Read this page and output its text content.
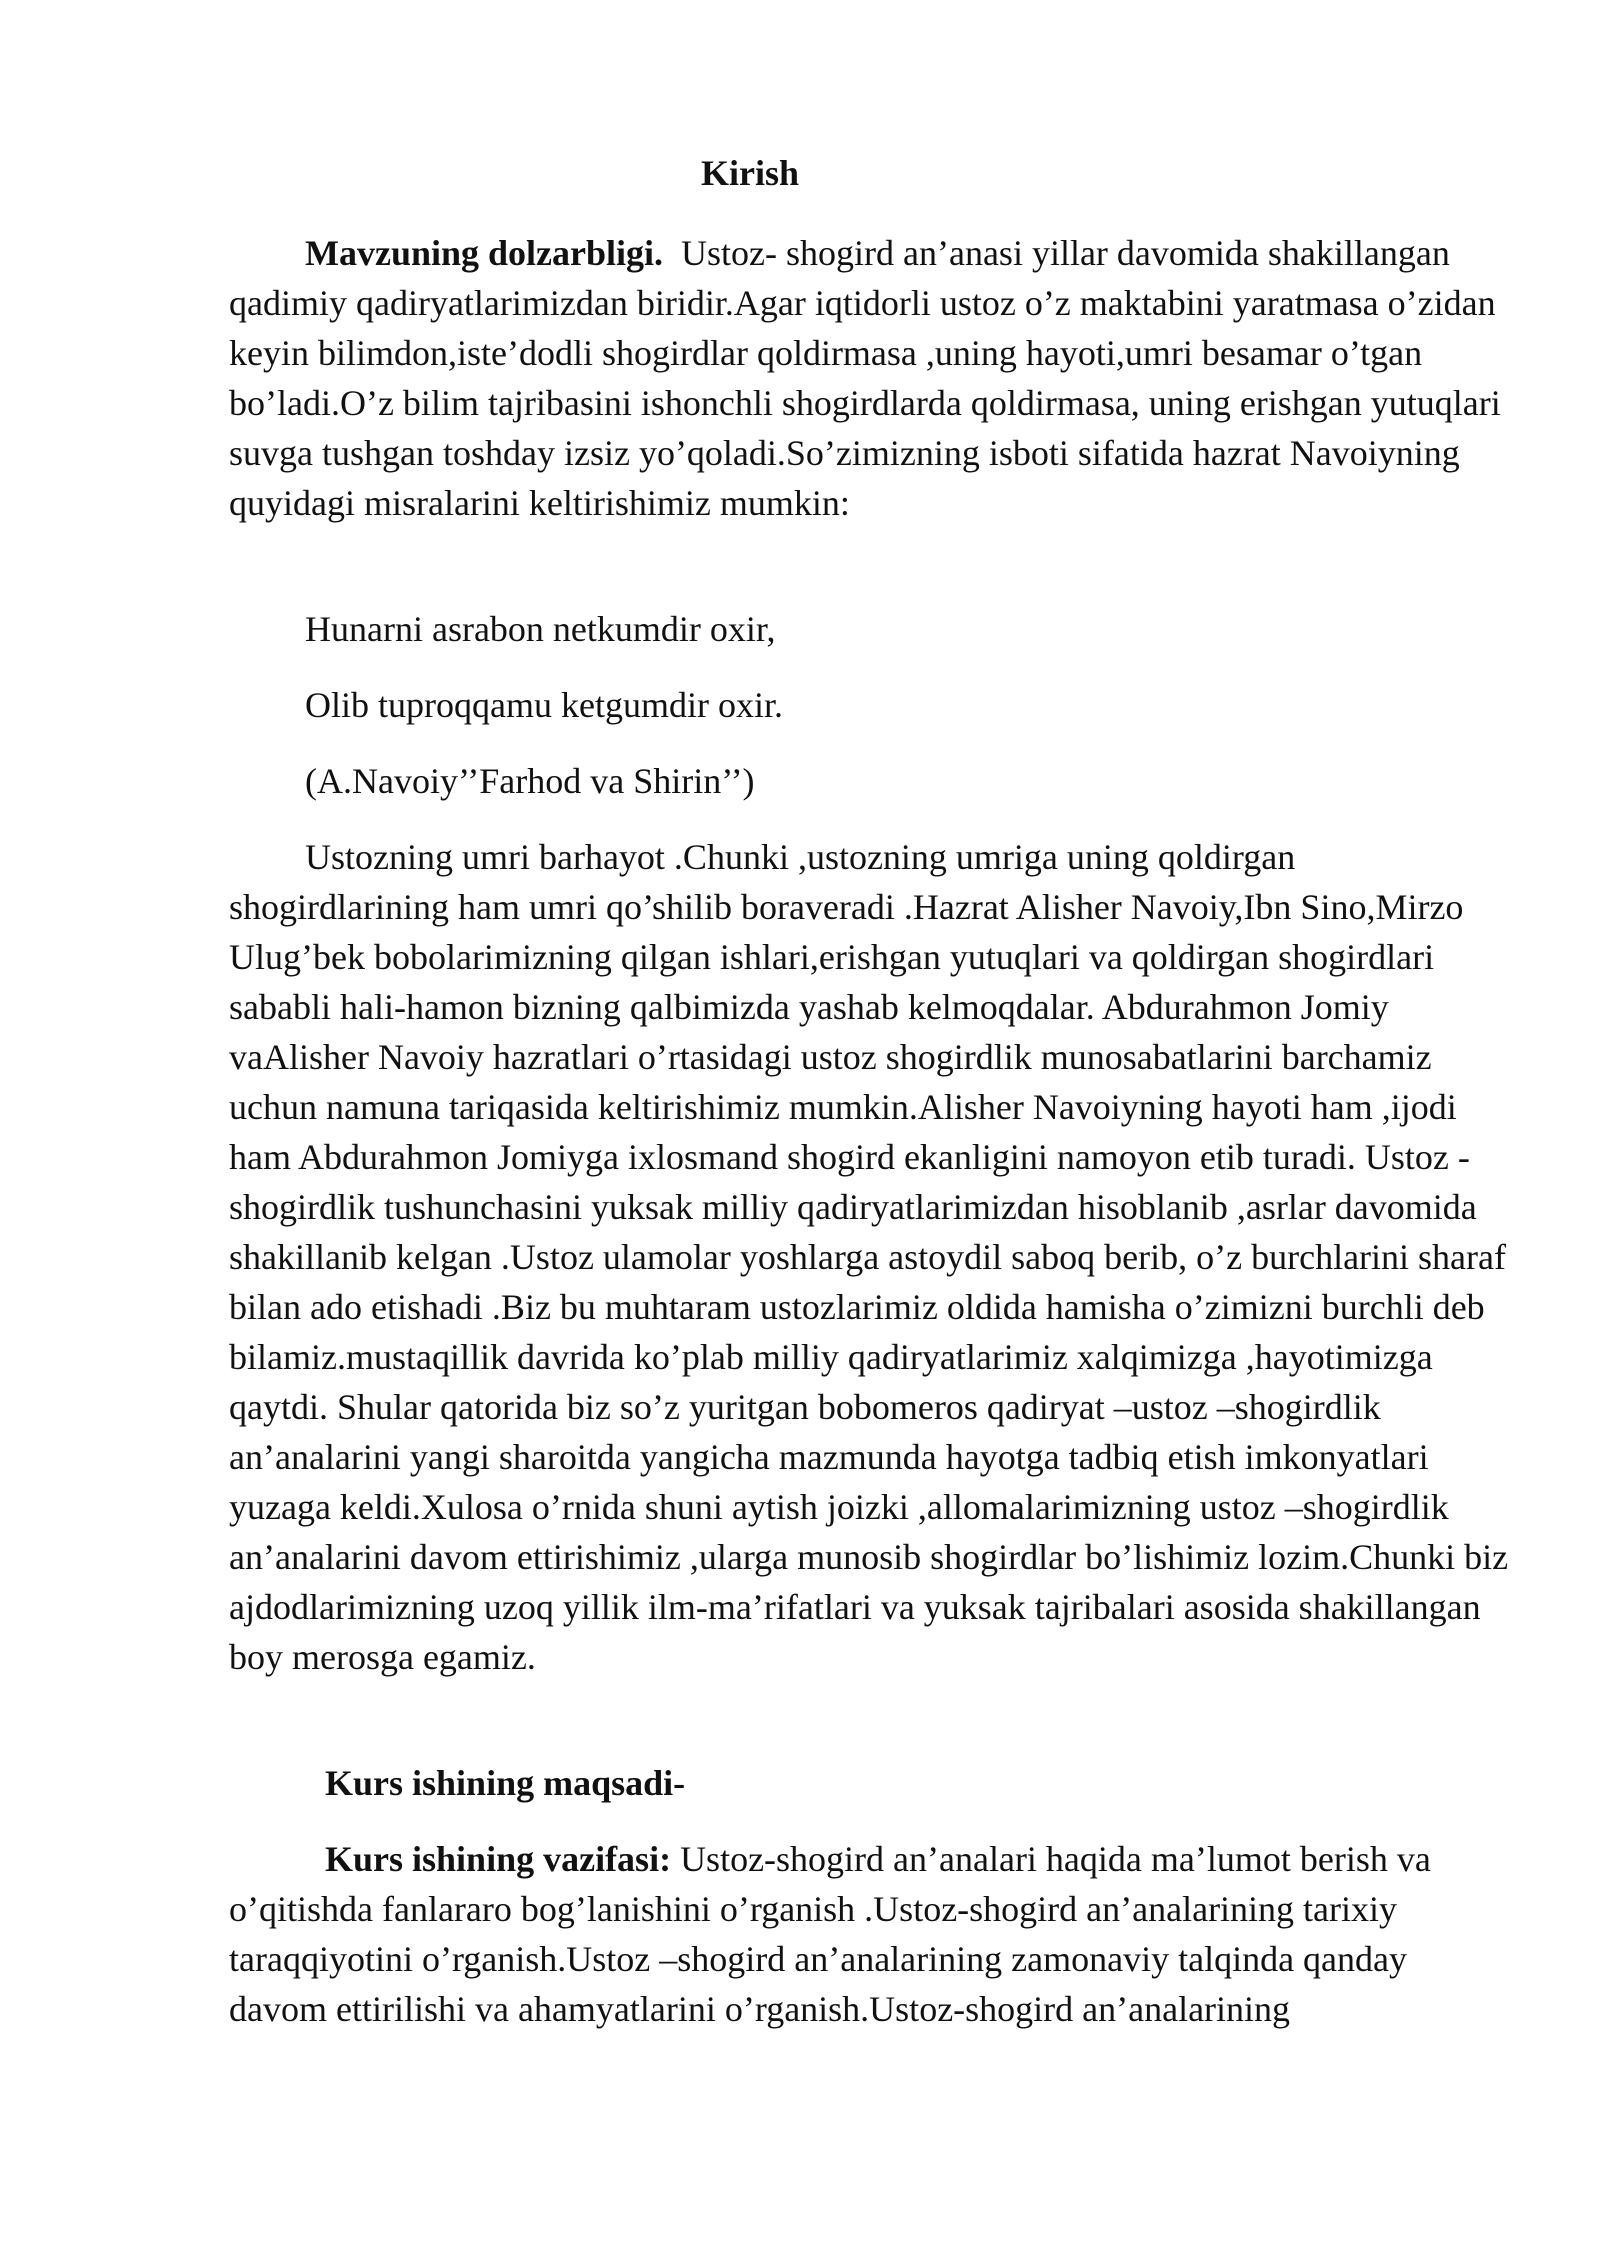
Kirish

Mavzuning dolzarbligi. Ustoz- shogird an’anasi yillar davomida shakillangan qadimiy qadiryatlarimizdan biridir.Agar iqtidorli ustoz o’z maktabini yaratmasa o’zidan keyin bilimdon,iste’dodli shogirdlar qoldirmasa ,uning hayoti,umri besamar o’tgan bo’ladi.O’z bilim tajribasini ishonchli shogirdlarda qoldirmasa, uning erishgan yutuqlari suvga tushgan toshday izsiz yo’qoladi.So’zimizning isboti sifatida hazrat Navoiyning quyidagi misralarini keltirishimiz mumkin:

Hunarni asrabon netkumdir oxir,

Olib tuproqqamu ketgumdir oxir.

(A.Navoiy’’Farhod va Shirin’’)

Ustozning umri barhayot .Chunki ,ustozning umriga uning qoldirgan shogirdlarining ham umri qo’shilib boraveradi .Hazrat Alisher Navoiy,Ibn Sino,Mirzo Ulug’bek bobolarimizning qilgan ishlari,erishgan yutuqlari va qoldirgan shogirdlari sababli hali-hamon bizning qalbimizda yashab kelmoqdalar. Abdurahmon Jomiy vaAlisher Navoiy hazratlari o’rtasidagi ustoz shogirdlik munosabatlarini barchamiz uchun namuna tariqasida keltirishimiz mumkin.Alisher Navoiyning hayoti ham ,ijodi ham Abdurahmon Jomiyga ixlosmand shogird ekanligini namoyon etib turadi. Ustoz -shogirdlik tushunchasini yuksak milliy qadiryatlarimizdan hisoblanib ,asrlar davomida shakillanib kelgan .Ustoz ulamolar yoshlarga astoydil saboq berib, o’z burchlarini sharaf bilan ado etishadi .Biz bu muhtaram ustozlarimiz oldida hamisha o’zimizni burchli deb bilamiz.mustaqillik davrida ko’plab milliy qadiryatlarimiz xalqimizga ,hayotimizga qaytdi. Shular qatorida biz so’z yuritgan bobomeros qadiryat –ustoz –shogirdlik an’analarini yangi sharoitda yangicha mazmunda hayotga tadbiq etish imkonyatlari yuzaga keldi.Xulosa o’rnida shuni aytish joizki ,allomalarimizning ustoz –shogirdlik an’analarini davom ettirishimiz ,ularga munosib shogirdlar bo’lishimiz lozim.Chunki biz ajdodlarimizning uzoq yillik ilm-ma’rifatlari va yuksak tajribalari asosida shakillangan boy merosga egamiz.

Kurs ishining maqsadi-

Kurs ishining vazifasi: Ustoz-shogird an’analari haqida ma’lumot berish va o’qitishda fanlararo bog’lanishini o’rganish .Ustoz-shogird an’analarining tarixiy taraqqiyotini o’rganish.Ustoz –shogird an’analarining zamonaviy talqinda qanday davom ettirilishi va ahamyatlarini o’rganish.Ustoz-shogird an’analarining
